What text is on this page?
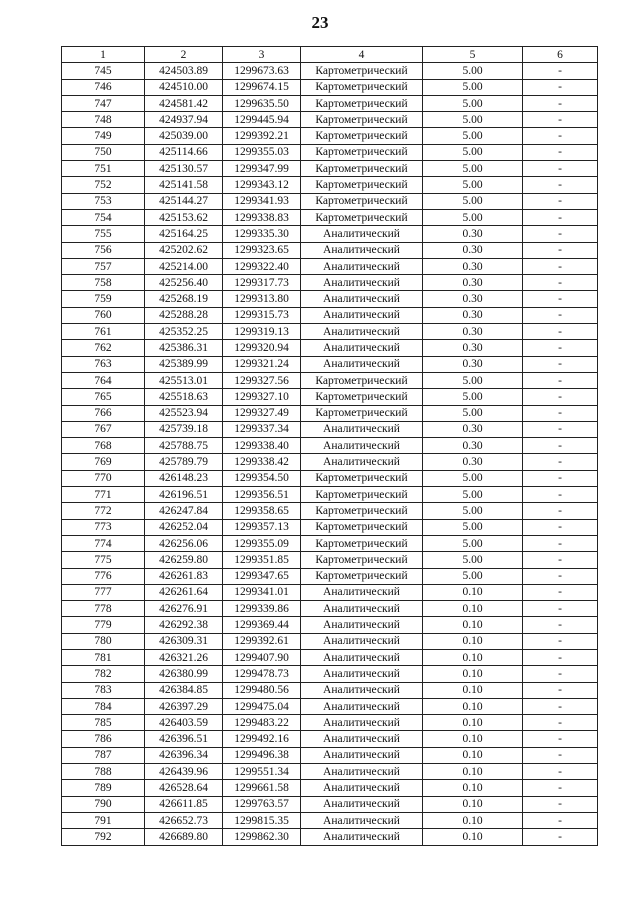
23
1	2	3	4	5	6
745	424503.89	1299673.63	Картометрический	5.00	-
746	424510.00	1299674.15	Картометрический	5.00	-
747	424581.42	1299635.50	Картометрический	5.00	-
748	424937.94	1299445.94	Картометрический	5.00	-
749	425039.00	1299392.21	Картометрический	5.00	-
750	425114.66	1299355.03	Картометрический	5.00	-
751	425130.57	1299347.99	Картометрический	5.00	-
752	425141.58	1299343.12	Картометрический	5.00	-
753	425144.27	1299341.93	Картометрический	5.00	-
754	425153.62	1299338.83	Картометрический	5.00	-
755	425164.25	1299335.30	Аналитический	0.30	-
756	425202.62	1299323.65	Аналитический	0.30	-
757	425214.00	1299322.40	Аналитический	0.30	-
758	425256.40	1299317.73	Аналитический	0.30	-
759	425268.19	1299313.80	Аналитический	0.30	-
760	425288.28	1299315.73	Аналитический	0.30	-
761	425352.25	1299319.13	Аналитический	0.30	-
762	425386.31	1299320.94	Аналитический	0.30	-
763	425389.99	1299321.24	Аналитический	0.30	-
764	425513.01	1299327.56	Картометрический	5.00	-
765	425518.63	1299327.10	Картометрический	5.00	-
766	425523.94	1299327.49	Картометрический	5.00	-
767	425739.18	1299337.34	Аналитический	0.30	-
768	425788.75	1299338.40	Аналитический	0.30	-
769	425789.79	1299338.42	Аналитический	0.30	-
770	426148.23	1299354.50	Картометрический	5.00	-
771	426196.51	1299356.51	Картометрический	5.00	-
772	426247.84	1299358.65	Картометрический	5.00	-
773	426252.04	1299357.13	Картометрический	5.00	-
774	426256.06	1299355.09	Картометрический	5.00	-
775	426259.80	1299351.85	Картометрический	5.00	-
776	426261.83	1299347.65	Картометрический	5.00	-
777	426261.64	1299341.01	Аналитический	0.10	-
778	426276.91	1299339.86	Аналитический	0.10	-
779	426292.38	1299369.44	Аналитический	0.10	-
780	426309.31	1299392.61	Аналитический	0.10	-
781	426321.26	1299407.90	Аналитический	0.10	-
782	426380.99	1299478.73	Аналитический	0.10	-
783	426384.85	1299480.56	Аналитический	0.10	-
784	426397.29	1299475.04	Аналитический	0.10	-
785	426403.59	1299483.22	Аналитический	0.10	-
786	426396.51	1299492.16	Аналитический	0.10	-
787	426396.34	1299496.38	Аналитический	0.10	-
788	426439.96	1299551.34	Аналитический	0.10	-
789	426528.64	1299661.58	Аналитический	0.10	-
790	426611.85	1299763.57	Аналитический	0.10	-
791	426652.73	1299815.35	Аналитический	0.10	-
792	426689.80	1299862.30	Аналитический	0.10	-
